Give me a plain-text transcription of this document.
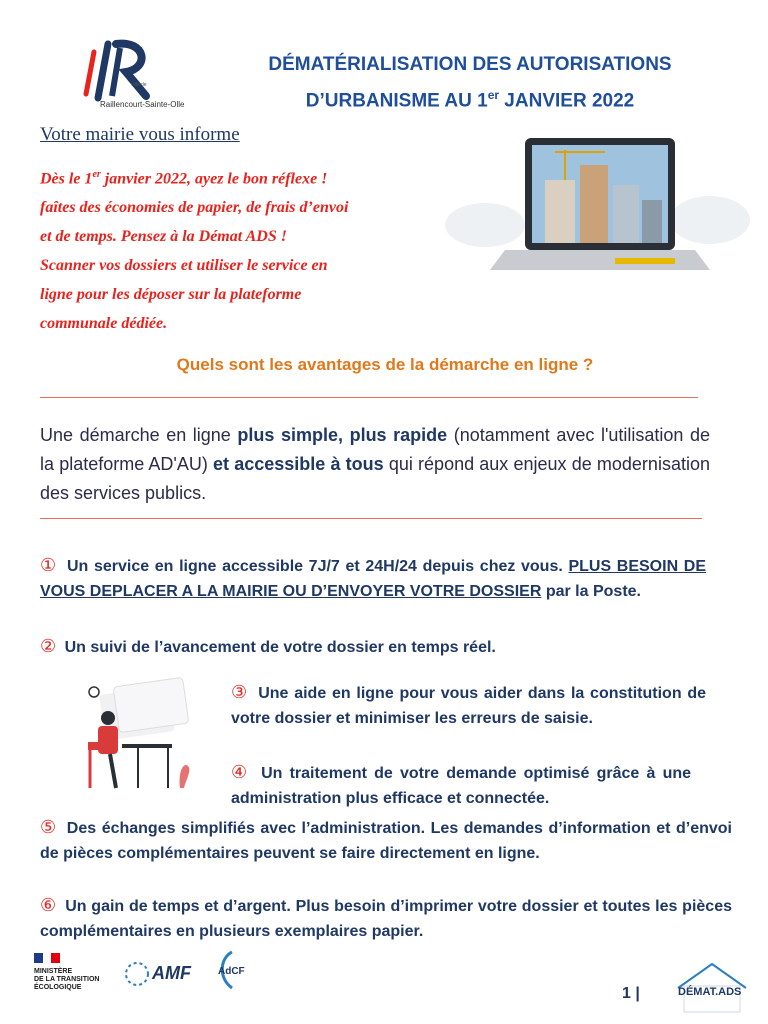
ville de
Raillencourt-Sainte-Olle
DÉMATÉRIALISATION DES AUTORISATIONS
D’URBANISME AU 1er JANVIER 2022
Votre mairie vous informe

Dès le 1er janvier 2022, ayez le bon réflexe !

faîtes des économies de papier, de frais d’envoi

et de temps. Pensez à la Démat ADS !

Scanner vos dossiers et utiliser le service en

ligne pour les déposer sur la plateforme

communale dédiée.

Quels sont les avantages de la démarche en ligne ?
Une démarche en ligne plus simple, plus rapide (notamment avec l'utilisation de la plateforme AD'AU) et accessible à tous qui répond aux enjeux de modernisation des services publics.
① Un service en ligne accessible 7J/7 et 24H/24 depuis chez vous. PLUS BESOIN DE VOUS DEPLACER A LA MAIRIE OU D’ENVOYER VOTRE DOSSIER par la Poste.
② Un suivi de l’avancement de votre dossier en temps réel.
③ Une aide en ligne pour vous aider dans la constitution de votre dossier et minimiser les erreurs de saisie.
④ Un traitement de votre demande optimisé grâce à une administration plus efficace et connectée.
⑤ Des échanges simplifiés avec l’administration. Les demandes d’information et d’envoi de pièces complémentaires peuvent se faire directement en ligne.
⑥ Un gain de temps et d’argent. Plus besoin d’imprimer votre dossier et toutes les pièces complémentaires en plusieurs exemplaires papier.
MINISTÈRE
DE LA TRANSITION
ÉCOLOGIQUE
AMF	AdCF
1 |	DÉMAT.ADS
